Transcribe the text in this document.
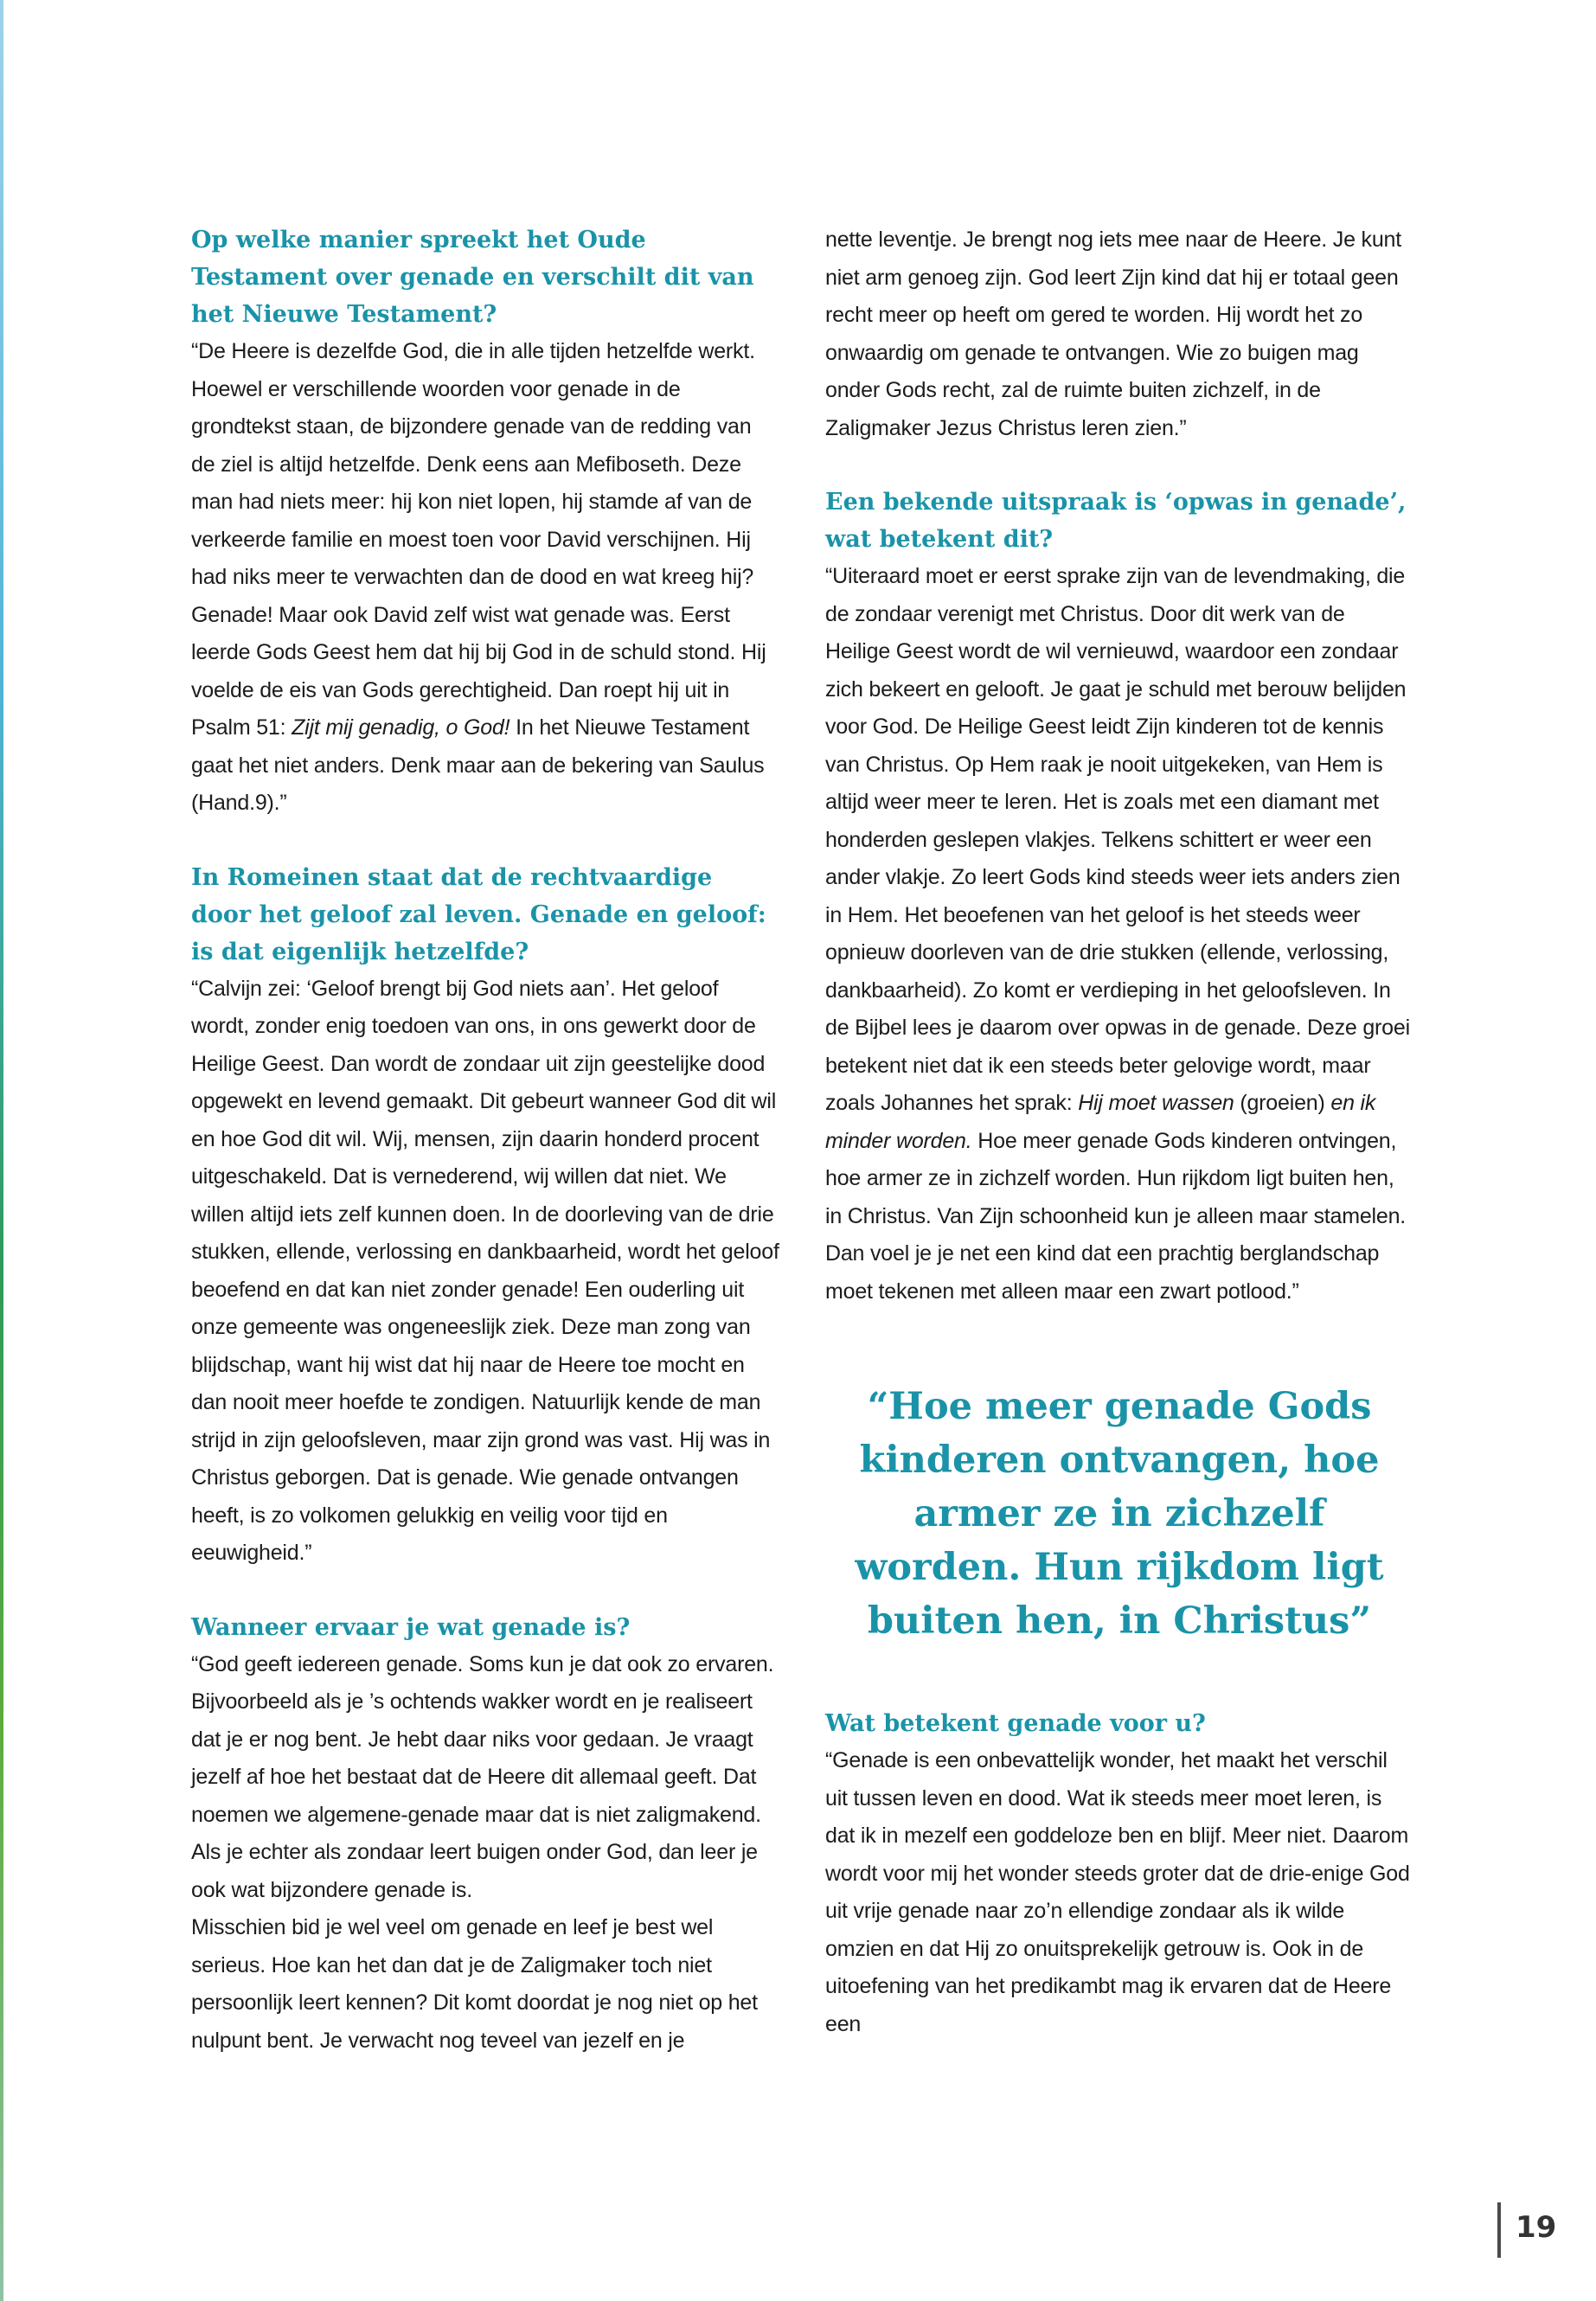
Op welke manier spreekt het Oude Testament over genade en verschilt dit van het Nieuwe Testament?

“De Heere is dezelfde God, die in alle tijden hetzelfde werkt. Hoewel er verschillende woorden voor genade in de grondtekst staan, de bijzondere genade van de redding van de ziel is altijd hetzelfde. Denk eens aan Mefiboseth. Deze man had niets meer: hij kon niet lopen, hij stamde af van de verkeerde familie en moest toen voor David verschijnen. Hij had niks meer te verwachten dan de dood en wat kreeg hij? Genade! Maar ook David zelf wist wat genade was. Eerst leerde Gods Geest hem dat hij bij God in de schuld stond. Hij voelde de eis van Gods gerechtigheid. Dan roept hij uit in Psalm 51: Zijt mij genadig, o God! In het Nieuwe Testament gaat het niet anders. Denk maar aan de bekering van Saulus (Hand.9).”

In Romeinen staat dat de rechtvaardige door het geloof zal leven. Genade en geloof: is dat eigenlijk hetzelfde?

“Calvijn zei: ‘Geloof brengt bij God niets aan’. Het geloof wordt, zonder enig toedoen van ons, in ons gewerkt door de Heilige Geest. Dan wordt de zondaar uit zijn geestelijke dood opgewekt en levend gemaakt. Dit gebeurt wanneer God dit wil en hoe God dit wil. Wij, mensen, zijn daarin honderd procent uitgeschakeld. Dat is vernederend, wij willen dat niet. We willen altijd iets zelf kunnen doen. In de doorleving van de drie stukken, ellende, verlossing en dankbaarheid, wordt het geloof beoefend en dat kan niet zonder genade! Een ouderling uit onze gemeente was ongeneeslijk ziek. Deze man zong van blijdschap, want hij wist dat hij naar de Heere toe mocht en dan nooit meer hoefde te zondigen. Natuurlijk kende de man strijd in zijn geloofsleven, maar zijn grond was vast. Hij was in Christus geborgen. Dat is genade. Wie genade ontvangen heeft, is zo volkomen gelukkig en veilig voor tijd en eeuwigheid.”

Wanneer ervaar je wat genade is?

“God geeft iedereen genade. Soms kun je dat ook zo ervaren. Bijvoorbeeld als je ’s ochtends wakker wordt en je realiseert dat je er nog bent. Je hebt daar niks voor gedaan. Je vraagt jezelf af hoe het bestaat dat de Heere dit allemaal geeft. Dat noemen we algemene-genade maar dat is niet zaligmakend. Als je echter als zondaar leert buigen onder God, dan leer je ook wat bijzondere genade is.

Misschien bid je wel veel om genade en leef je best wel serieus. Hoe kan het dan dat je de Zaligmaker toch niet persoonlijk leert kennen? Dit komt doordat je nog niet op het nulpunt bent. Je verwacht nog teveel van jezelf en je

nette leventje. Je brengt nog iets mee naar de Heere. Je kunt niet arm genoeg zijn. God leert Zijn kind dat hij er totaal geen recht meer op heeft om gered te worden. Hij wordt het zo onwaardig om genade te ontvangen. Wie zo buigen mag onder Gods recht, zal de ruimte buiten zichzelf, in de Zaligmaker Jezus Christus leren zien.”

Een bekende uitspraak is ‘opwas in genade’, wat betekent dit?

“Uiteraard moet er eerst sprake zijn van de levendmaking, die de zondaar verenigt met Christus. Door dit werk van de Heilige Geest wordt de wil vernieuwd, waardoor een zondaar zich bekeert en gelooft. Je gaat je schuld met berouw belijden voor God. De Heilige Geest leidt Zijn kinderen tot de kennis van Christus. Op Hem raak je nooit uitgekeken, van Hem is altijd weer meer te leren. Het is zoals met een diamant met honderden geslepen vlakjes. Telkens schittert er weer een ander vlakje. Zo leert Gods kind steeds weer iets anders zien in Hem. Het beoefenen van het geloof is het steeds weer opnieuw doorleven van de drie stukken (ellende, verlossing, dankbaarheid). Zo komt er verdieping in het geloofsleven. In de Bijbel lees je daarom over opwas in de genade. Deze groei betekent niet dat ik een steeds beter gelovige wordt, maar zoals Johannes het sprak: Hij moet wassen (groeien) en ik minder worden. Hoe meer genade Gods kinderen ontvingen, hoe armer ze in zichzelf worden. Hun rijkdom ligt buiten hen, in Christus. Van Zijn schoonheid kun je alleen maar stamelen. Dan voel je je net een kind dat een prachtig berglandschap moet tekenen met alleen maar een zwart potlood.”

“Hoe meer genade Gods kinderen ontvangen, hoe armer ze in zichzelf worden. Hun rijkdom ligt buiten hen, in Christus”

Wat betekent genade voor u?

“Genade is een onbevattelijk wonder, het maakt het verschil uit tussen leven en dood. Wat ik steeds meer moet leren, is dat ik in mezelf een goddeloze ben en blijf. Meer niet. Daarom wordt voor mij het wonder steeds groter dat de drie-enige God uit vrije genade naar zo’n ellendige zondaar als ik wilde omzien en dat Hij zo onuitsprekelijk getrouw is. Ook in de uitoefening van het predikambt mag ik ervaren dat de Heere een

19
